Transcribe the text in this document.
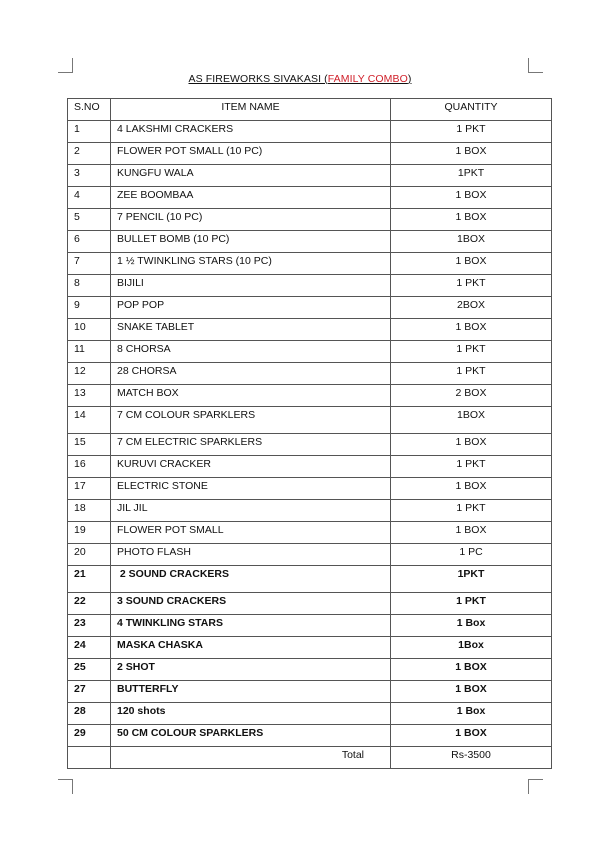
AS FIREWORKS SIVAKASI (FAMILY COMBO)
S.NO	ITEM NAME	QUANTITY
1	4 LAKSHMI CRACKERS	1 PKT
2	FLOWER POT SMALL (10 PC)	1 BOX
3	KUNGFU WALA	1PKT
4	ZEE BOOMBAA	1 BOX
5	7 PENCIL (10 PC)	1 BOX
6	BULLET BOMB (10 PC)	1BOX
7	1 ½ TWINKLING STARS (10 PC)	1 BOX
8	BIJILI	1 PKT
9	POP POP	2BOX
10	SNAKE TABLET	1 BOX
11	8 CHORSA	1 PKT
12	28 CHORSA	1 PKT
13	MATCH BOX	2 BOX
14	7 CM COLOUR SPARKLERS	1BOX
15	7 CM ELECTRIC SPARKLERS	1 BOX
16	KURUVI CRACKER	1 PKT
17	ELECTRIC STONE	1 BOX
18	JIL JIL	1 PKT
19	FLOWER POT SMALL	1 BOX
20	PHOTO FLASH	1 PC
21	2 SOUND CRACKERS	1PKT
22	3 SOUND CRACKERS	1 PKT
23	4 TWINKLING STARS	1 Box
24	MASKA CHASKA	1Box
25	2 SHOT	1 BOX
27	BUTTERFLY	1 BOX
28	120 shots	1 Box
29	50 CM COLOUR SPARKLERS	1 BOX
	Total	Rs-3500
